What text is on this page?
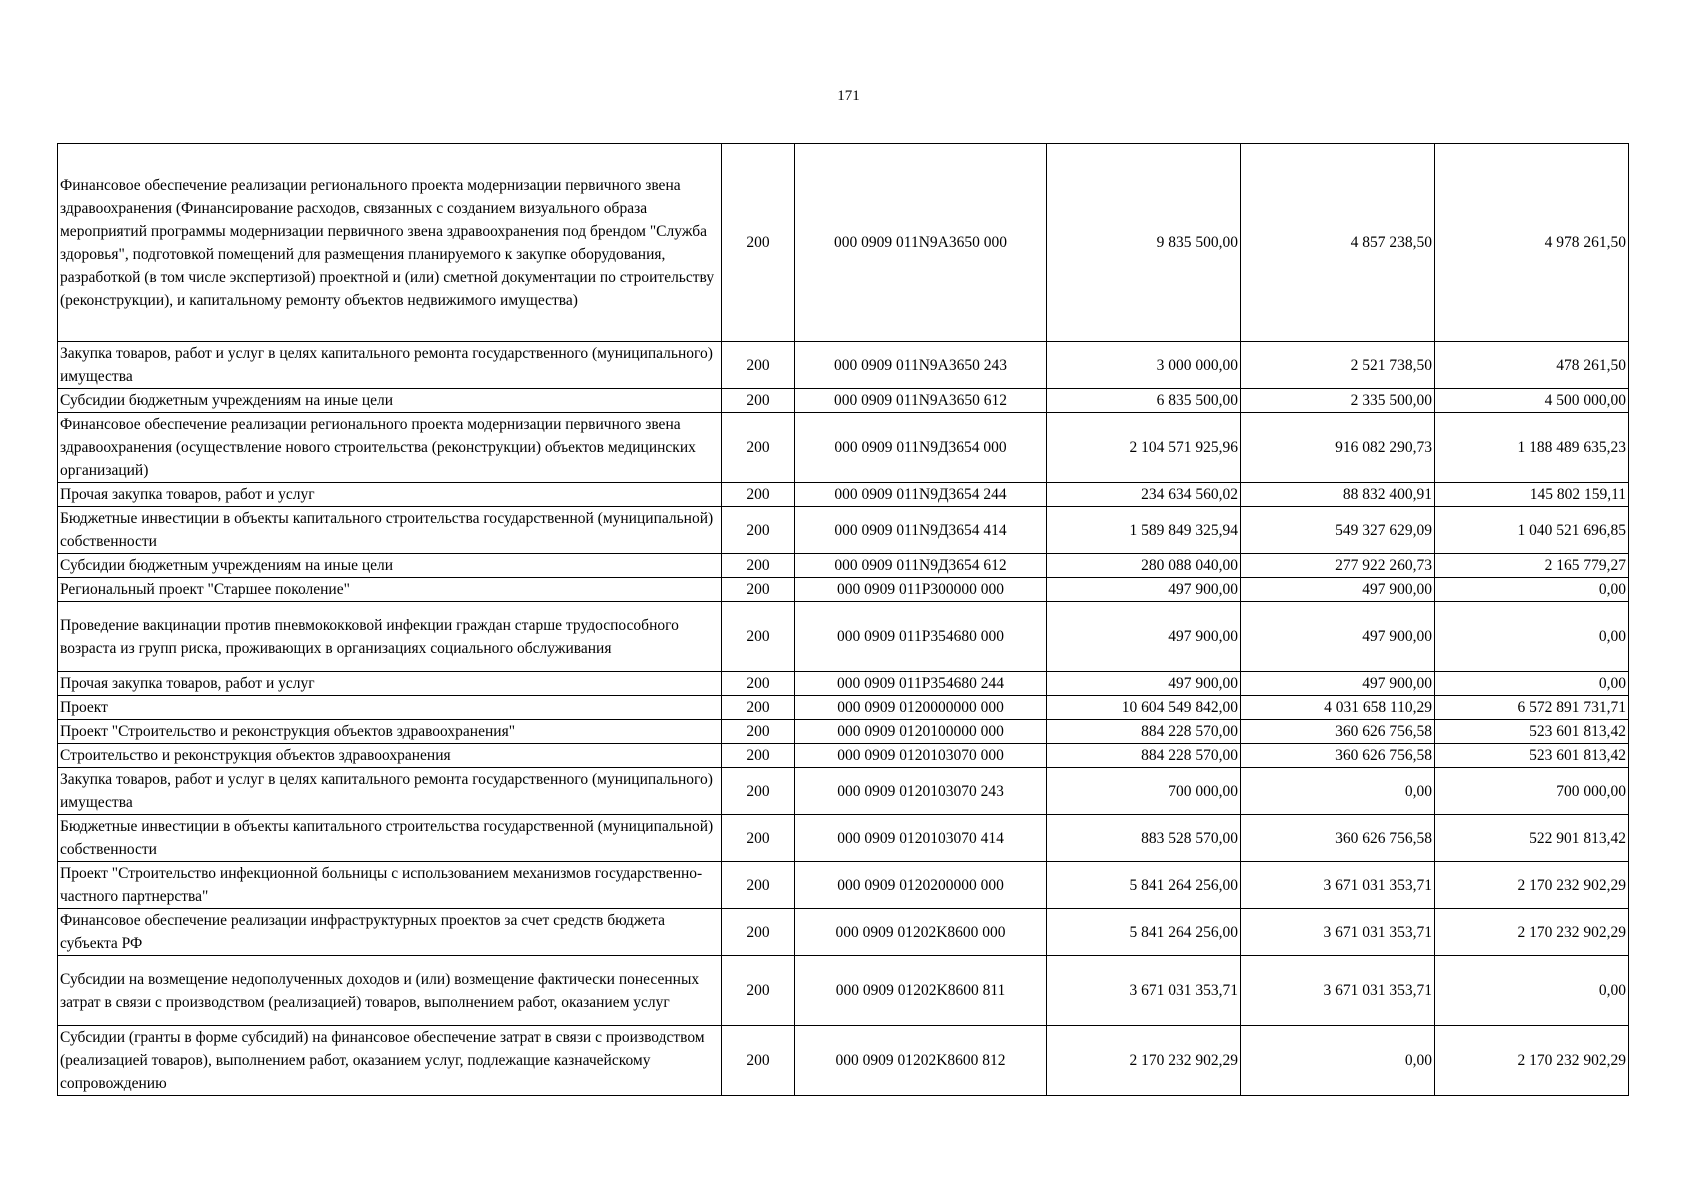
171
Финансовое обеспечение реализации регионального проекта модернизации первичного звена здравоохранения (Финансирование расходов, связанных с созданием визуального образа мероприятий программы модернизации первичного звена здравоохранения под брендом "Служба здоровья", подготовкой помещений для размещения планируемого к закупке оборудования, разработкой (в том числе экспертизой) проектной и (или) сметной документации по строительству (реконструкции), и капитальному ремонту объектов недвижимого имущества)	200	000 0909 011N9A3650 000	9 835 500,00	4 857 238,50	4 978 261,50
Закупка товаров, работ и услуг в целях капитального ремонта государственного (муниципального) имущества	200	000 0909 011N9A3650 243	3 000 000,00	2 521 738,50	478 261,50
Субсидии бюджетным учреждениям на иные цели	200	000 0909 011N9A3650 612	6 835 500,00	2 335 500,00	4 500 000,00
Финансовое обеспечение реализации регионального проекта модернизации первичного звена здравоохранения (осуществление нового строительства (реконструкции) объектов медицинских организаций)	200	000 0909 011N9Д3654 000	2 104 571 925,96	916 082 290,73	1 188 489 635,23
Прочая закупка товаров, работ и услуг	200	000 0909 011N9Д3654 244	234 634 560,02	88 832 400,91	145 802 159,11
Бюджетные инвестиции в объекты капитального строительства государственной (муниципальной) собственности	200	000 0909 011N9Д3654 414	1 589 849 325,94	549 327 629,09	1 040 521 696,85
Субсидии бюджетным учреждениям на иные цели	200	000 0909 011N9Д3654 612	280 088 040,00	277 922 260,73	2 165 779,27
Региональный проект "Старшее поколение"	200	000 0909 011P300000 000	497 900,00	497 900,00	0,00
Проведение вакцинации против пневмококковой инфекции граждан старше трудоспособного возраста из групп риска, проживающих в организациях социального обслуживания	200	000 0909 011P354680 000	497 900,00	497 900,00	0,00
Прочая закупка товаров, работ и услуг	200	000 0909 011P354680 244	497 900,00	497 900,00	0,00
Проект	200	000 0909 0120000000 000	10 604 549 842,00	4 031 658 110,29	6 572 891 731,71
Проект "Строительство и реконструкция объектов здравоохранения"	200	000 0909 0120100000 000	884 228 570,00	360 626 756,58	523 601 813,42
Строительство и реконструкция объектов здравоохранения	200	000 0909 0120103070 000	884 228 570,00	360 626 756,58	523 601 813,42
Закупка товаров, работ и услуг в целях капитального ремонта государственного (муниципального) имущества	200	000 0909 0120103070 243	700 000,00	0,00	700 000,00
Бюджетные инвестиции в объекты капитального строительства государственной (муниципальной) собственности	200	000 0909 0120103070 414	883 528 570,00	360 626 756,58	522 901 813,42
Проект "Строительство инфекционной больницы с использованием механизмов государственно-частного партнерства"	200	000 0909 0120200000 000	5 841 264 256,00	3 671 031 353,71	2 170 232 902,29
Финансовое обеспечение реализации инфраструктурных проектов за счет средств бюджета субъекта РФ	200	000 0909 01202K8600 000	5 841 264 256,00	3 671 031 353,71	2 170 232 902,29
Субсидии на возмещение недополученных доходов и (или) возмещение фактически понесенных затрат в связи с производством (реализацией) товаров, выполнением работ, оказанием услуг	200	000 0909 01202K8600 811	3 671 031 353,71	3 671 031 353,71	0,00
Субсидии (гранты в форме субсидий) на финансовое обеспечение затрат в связи с производством (реализацией товаров), выполнением работ, оказанием услуг, подлежащие казначейскому сопровождению	200	000 0909 01202K8600 812	2 170 232 902,29	0,00	2 170 232 902,29
